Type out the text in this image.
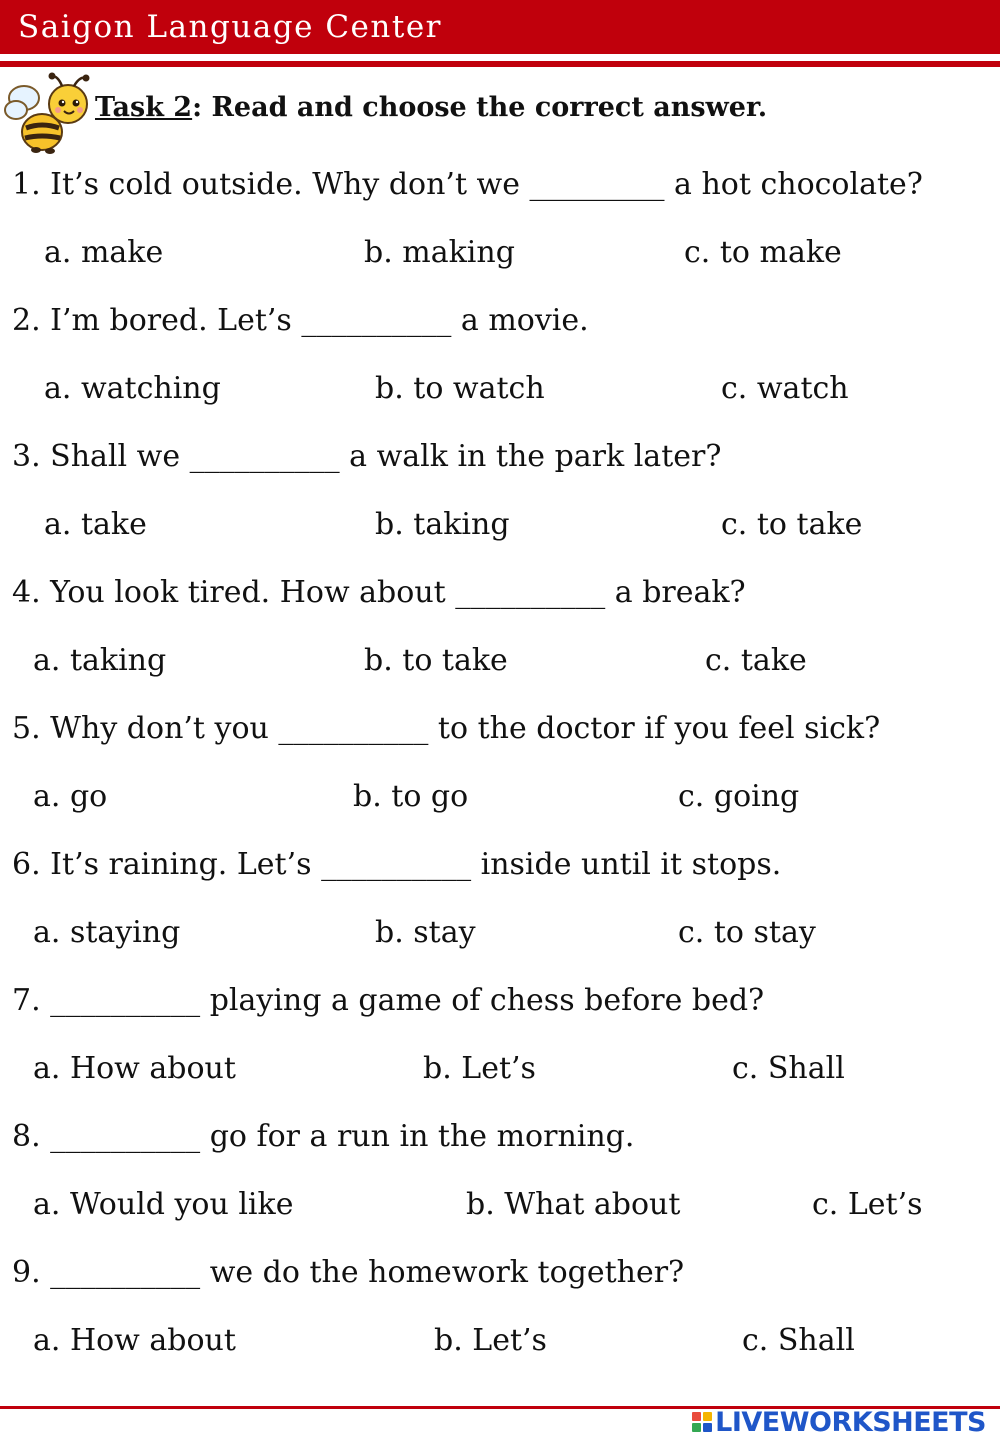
Saigon Language Center
Task 2: Read and choose the correct answer.
1. It’s cold outside. Why don’t we _________ a hot chocolate?
a. make	b. making	c. to make
2. I’m bored. Let’s __________ a movie.
a. watching	b. to watch	c. watch
3. Shall we __________ a walk in the park later?
a. take	b. taking	c. to take
4. You look tired. How about __________ a break?
a. taking	b. to take	c. take
5. Why don’t you __________ to the doctor if you feel sick?
a. go	b. to go	c. going
6. It’s raining. Let’s __________ inside until it stops.
a. staying	b. stay	c. to stay
7. __________ playing a game of chess before bed?
a. How about	b. Let’s	c. Shall
8. __________ go for a run in the morning.
a. Would you like	b. What about	c. Let’s
9. __________ we do the homework together?
a. How about	b. Let’s	c. Shall
LIVEWORKSHEETS
